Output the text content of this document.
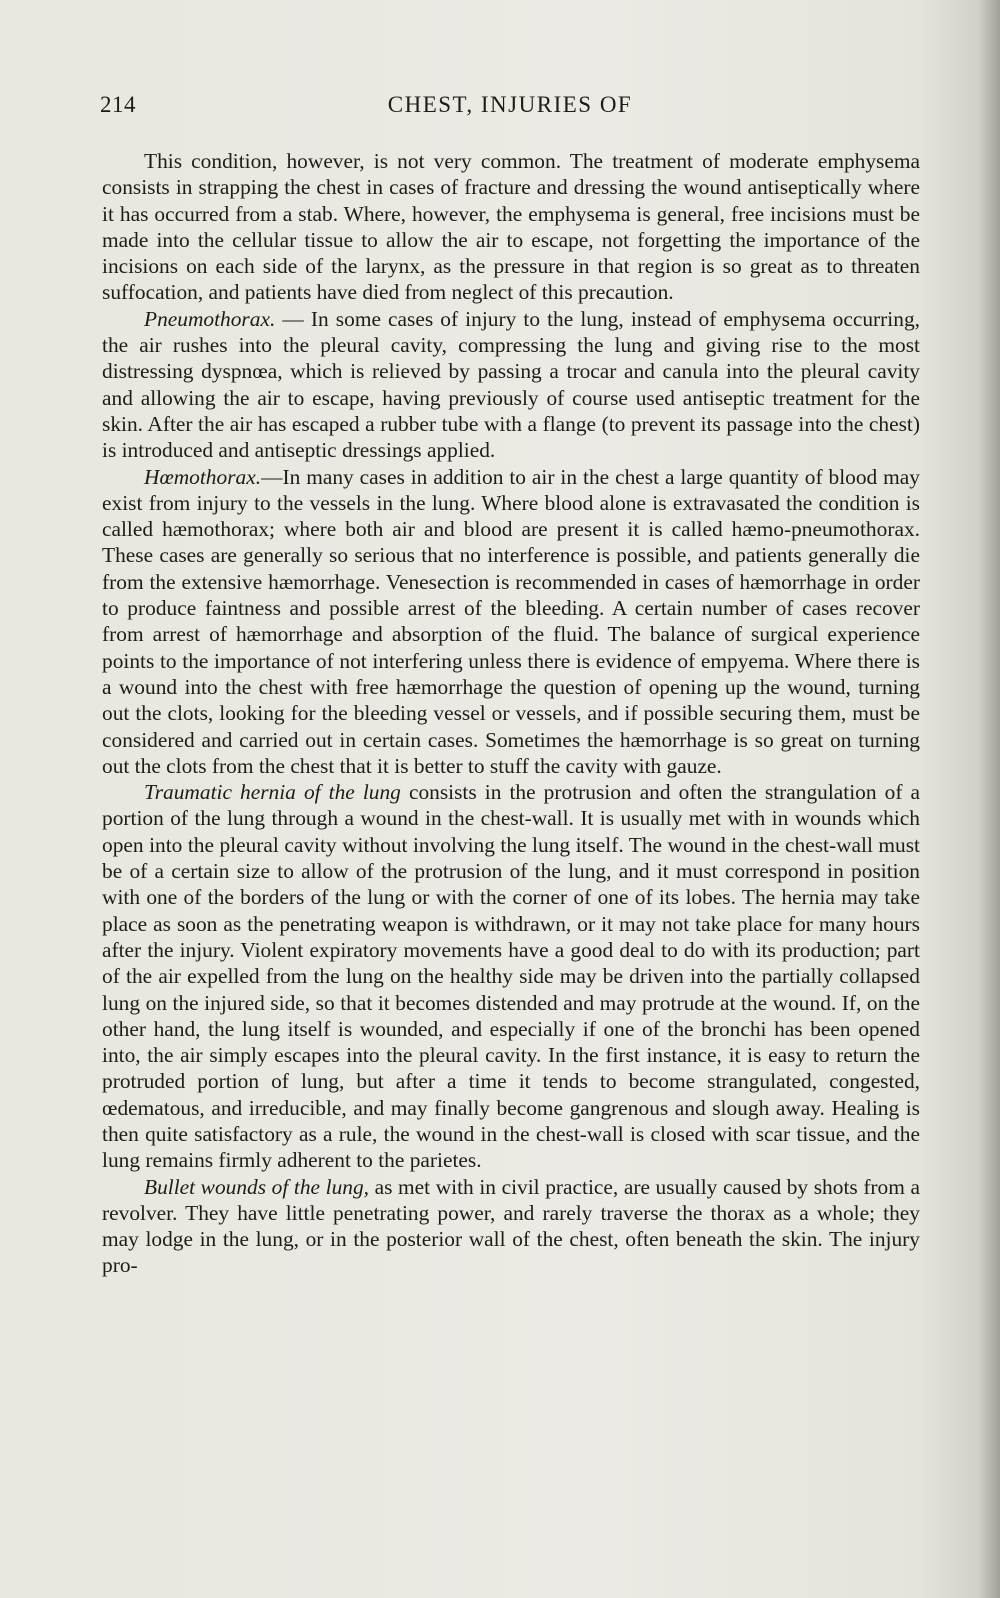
214	CHEST, INJURIES OF

This condition, however, is not very common. The treatment of moderate emphysema consists in strapping the chest in cases of fracture and dressing the wound antiseptically where it has occurred from a stab. Where, however, the emphysema is general, free incisions must be made into the cellular tissue to allow the air to escape, not forgetting the importance of the incisions on each side of the larynx, as the pressure in that region is so great as to threaten suffocation, and patients have died from neglect of this precaution.

Pneumothorax. — In some cases of injury to the lung, instead of emphysema occurring, the air rushes into the pleural cavity, compressing the lung and giving rise to the most distressing dyspnœa, which is relieved by passing a trocar and canula into the pleural cavity and allowing the air to escape, having previously of course used antiseptic treatment for the skin. After the air has escaped a rubber tube with a flange (to prevent its passage into the chest) is introduced and antiseptic dressings applied.

Hœmothorax.—In many cases in addition to air in the chest a large quantity of blood may exist from injury to the vessels in the lung. Where blood alone is extravasated the condition is called hæmothorax; where both air and blood are present it is called hæmo-pneumothorax. These cases are generally so serious that no interference is possible, and patients generally die from the extensive hæmorrhage. Venesection is recommended in cases of hæmorrhage in order to produce faintness and possible arrest of the bleeding. A certain number of cases recover from arrest of hæmorrhage and absorption of the fluid. The balance of surgical experience points to the importance of not interfering unless there is evidence of empyema. Where there is a wound into the chest with free hæmorrhage the question of opening up the wound, turning out the clots, looking for the bleeding vessel or vessels, and if possible securing them, must be considered and carried out in certain cases. Sometimes the hæmorrhage is so great on turning out the clots from the chest that it is better to stuff the cavity with gauze.

Traumatic hernia of the lung consists in the protrusion and often the strangulation of a portion of the lung through a wound in the chest-wall. It is usually met with in wounds which open into the pleural cavity without involving the lung itself. The wound in the chest-wall must be of a certain size to allow of the protrusion of the lung, and it must correspond in position with one of the borders of the lung or with the corner of one of its lobes. The hernia may take place as soon as the penetrating weapon is withdrawn, or it may not take place for many hours after the injury. Violent expiratory movements have a good deal to do with its production; part of the air expelled from the lung on the healthy side may be driven into the partially collapsed lung on the injured side, so that it becomes distended and may protrude at the wound. If, on the other hand, the lung itself is wounded, and especially if one of the bronchi has been opened into, the air simply escapes into the pleural cavity. In the first instance, it is easy to return the protruded portion of lung, but after a time it tends to become strangulated, congested, œdematous, and irreducible, and may finally become gangrenous and slough away. Healing is then quite satisfactory as a rule, the wound in the chest-wall is closed with scar tissue, and the lung remains firmly adherent to the parietes.

Bullet wounds of the lung, as met with in civil practice, are usually caused by shots from a revolver. They have little penetrating power, and rarely traverse the thorax as a whole; they may lodge in the lung, or in the posterior wall of the chest, often beneath the skin. The injury pro-
